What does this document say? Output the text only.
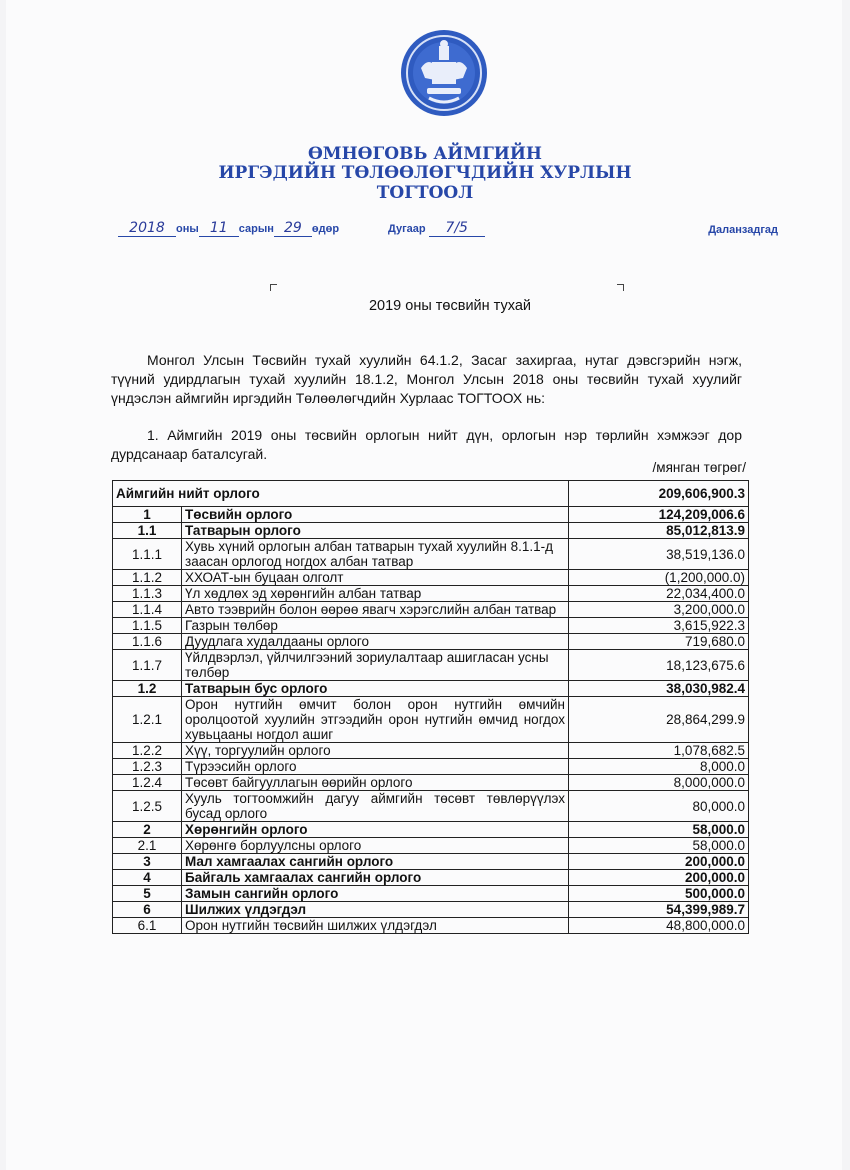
ӨМНӨГОВЬ АЙМГИЙН
ИРГЭДИЙН ТӨЛӨӨЛӨГЧДИЙН ХУРЛЫН
ТОГТООЛ
2018 оны 11 сарын 29 өдөр	Дугаар 7/5	Даланзадгад
2019 оны төсвийн тухай
Монгол Улсын Төсвийн тухай хуулийн 64.1.2, Засаг захиргаа, нутаг дэвсгэрийн нэгж, түүний удирдлагын тухай хуулийн 18.1.2, Монгол Улсын 2018 оны төсвийн тухай хуулийг үндэслэн аймгийн иргэдийн Төлөөлөгчдийн Хурлаас ТОГТООХ нь:
1. Аймгийн 2019 оны төсвийн орлогын нийт дүн, орлогын нэр төрлийн хэмжээг дор дурдсанаар баталсугай.
/мянган төгрөг/
Аймгийн нийт орлого		209,606,900.3
1	Төсвийн орлого	124,209,006.6
1.1	Татварын орлого	85,012,813.9
1.1.1	Хувь хүний орлогын албан татварын тухай хуулийн 8.1.1-д заасан орлогод ногдох албан татвар	38,519,136.0
1.1.2	ХХОАТ-ын буцаан олголт	(1,200,000.0)
1.1.3	Үл хөдлөх эд хөрөнгийн албан татвар	22,034,400.0
1.1.4	Авто тээврийн болон өөрөө явагч хэрэгслийн албан татвар	3,200,000.0
1.1.5	Газрын төлбөр	3,615,922.3
1.1.6	Дуудлага худалдааны орлого	719,680.0
1.1.7	Үйлдвэрлэл, үйлчилгээний зориулалтаар ашигласан усны төлбөр	18,123,675.6
1.2	Татварын бус орлого	38,030,982.4
1.2.1	Орон нутгийн өмчит болон орон нутгийн өмчийн оролцоотой хуулийн этгээдийн орон нутгийн өмчид ногдох хувьцааны ногдол ашиг	28,864,299.9
1.2.2	Хүү, торгуулийн орлого	1,078,682.5
1.2.3	Түрээсийн орлого	8,000.0
1.2.4	Төсөвт байгууллагын өөрийн орлого	8,000,000.0
1.2.5	Хууль тогтоомжийн дагуу аймгийн төсөвт төвлөрүүлэх бусад орлого	80,000.0
2	Хөрөнгийн орлого	58,000.0
2.1	Хөрөнгө борлуулсны орлого	58,000.0
3	Мал хамгаалах сангийн орлого	200,000.0
4	Байгаль хамгаалах сангийн орлого	200,000.0
5	Замын сангийн орлого	500,000.0
6	Шилжих үлдэгдэл	54,399,989.7
6.1	Орон нутгийн төсвийн шилжих үлдэгдэл	48,800,000.0
